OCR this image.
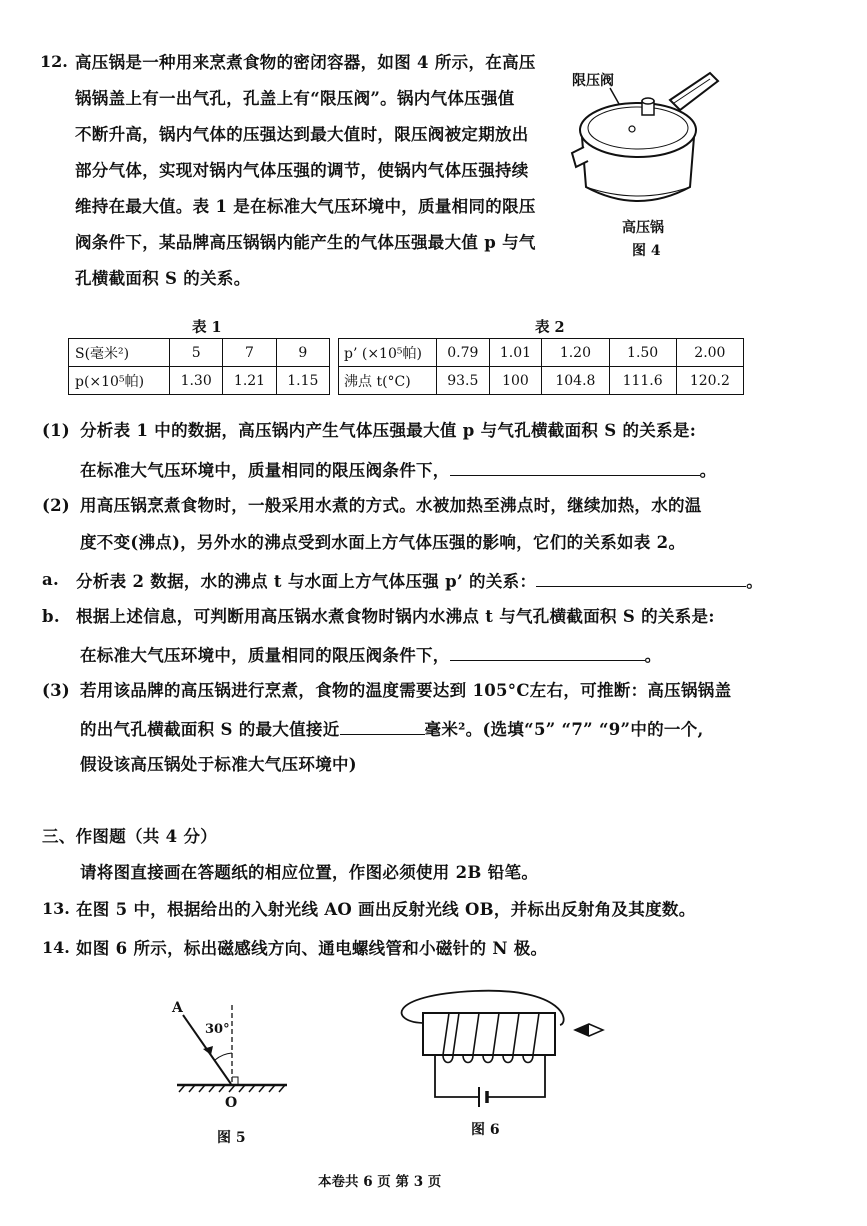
12. 高压锅是一种用来烹煮食物的密闭容器，如图 4 所示，在高压
锅锅盖上有一出气孔，孔盖上有“限压阀”。锅内气体压强值
不断升高，锅内气体的压强达到最大值时，限压阀被定期放出
部分气体，实现对锅内气体压强的调节，使锅内气体压强持续
维持在最大值。表 1 是在标准大气压环境中，质量相同的限压
阀条件下，某品牌高压锅锅内能产生的气体压强最大值 p 与气
孔横截面积 S 的关系。
限压阀
高压锅
图 4
表 1
S(毫米²)	5	7	9
p(×10⁵帕)	1.30	1.21	1.15
表 2
p’ (×10⁵帕)	0.79	1.01	1.20	1.50	2.00
沸点 t(°C)	93.5	100	104.8	111.6	120.2
(1) 分析表 1 中的数据，高压锅内产生气体压强最大值 p 与气孔横截面积 S 的关系是:
在标准大气压环境中，质量相同的限压阀条件下，	。
(2) 用高压锅烹煮食物时，一般采用水煮的方式。水被加热至沸点时，继续加热，水的温
度不变(沸点)，另外水的沸点受到水面上方气体压强的影响，它们的关系如表 2。
a. 分析表 2 数据，水的沸点 t 与水面上方气体压强 p’ 的关系：	。
b. 根据上述信息，可判断用高压锅水煮食物时锅内水沸点 t 与气孔横截面积 S 的关系是:
在标准大气压环境中，质量相同的限压阀条件下，	。
(3) 若用该品牌的高压锅进行烹煮，食物的温度需要达到 105°C左右，可推断：高压锅锅盖
的出气孔横截面积 S 的最大值接近	毫米²。(选填“5” “7” “9”中的一个,
假设该高压锅处于标准大气压环境中)
三、作图题（共 4 分）
请将图直接画在答题纸的相应位置，作图必须使用 2B 铅笔。
13. 在图 5 中，根据给出的入射光线 AO 画出反射光线 OB，并标出反射角及其度数。
14. 如图 6 所示，标出磁感线方向、通电螺线管和小磁针的 N 极。
A
30°
O
图 5	图 6
本卷共 6 页 第 3 页
